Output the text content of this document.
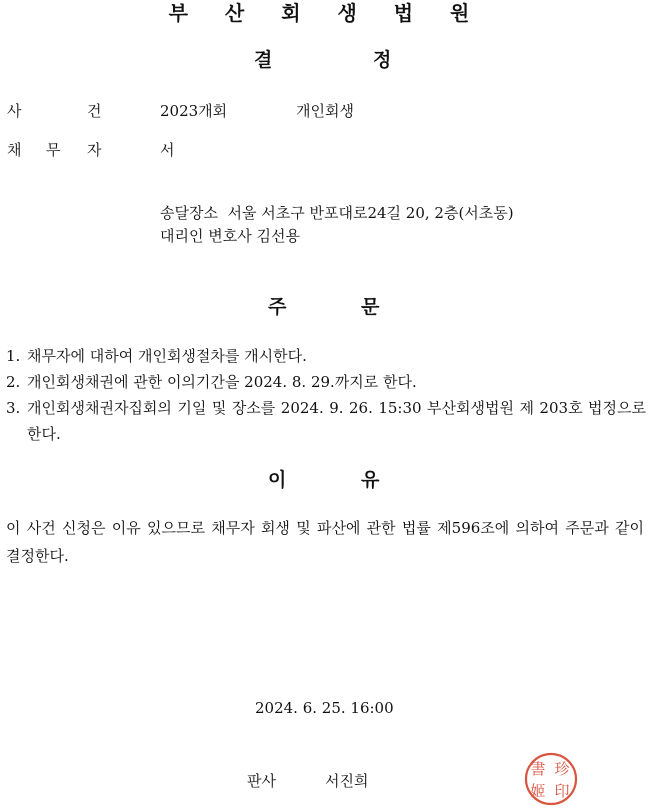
부 산 회 생 법 원
결	정
사	건	2023개회	개인회생
채 무 자	서
송달장소  서울 서초구 반포대로24길 20, 2층(서초동)
대리인 변호사 김선용
주	문
1. 채무자에 대하여 개인회생절차를 개시한다.
2. 개인회생채권에 관한 이의기간을 2024. 8. 29.까지로 한다.
3. 개인회생채권자집회의 기일 및 장소를 2024. 9. 26. 15:30 부산회생법원 제 203호 법정으로 한다.
이	유
이 사건 신청은 이유 있으므로 채무자 회생 및 파산에 관한 법률 제596조에 의하여 주문과 같이 결정한다.
2024. 6. 25. 16:00
판사	서진희
書 珍
姬 印
